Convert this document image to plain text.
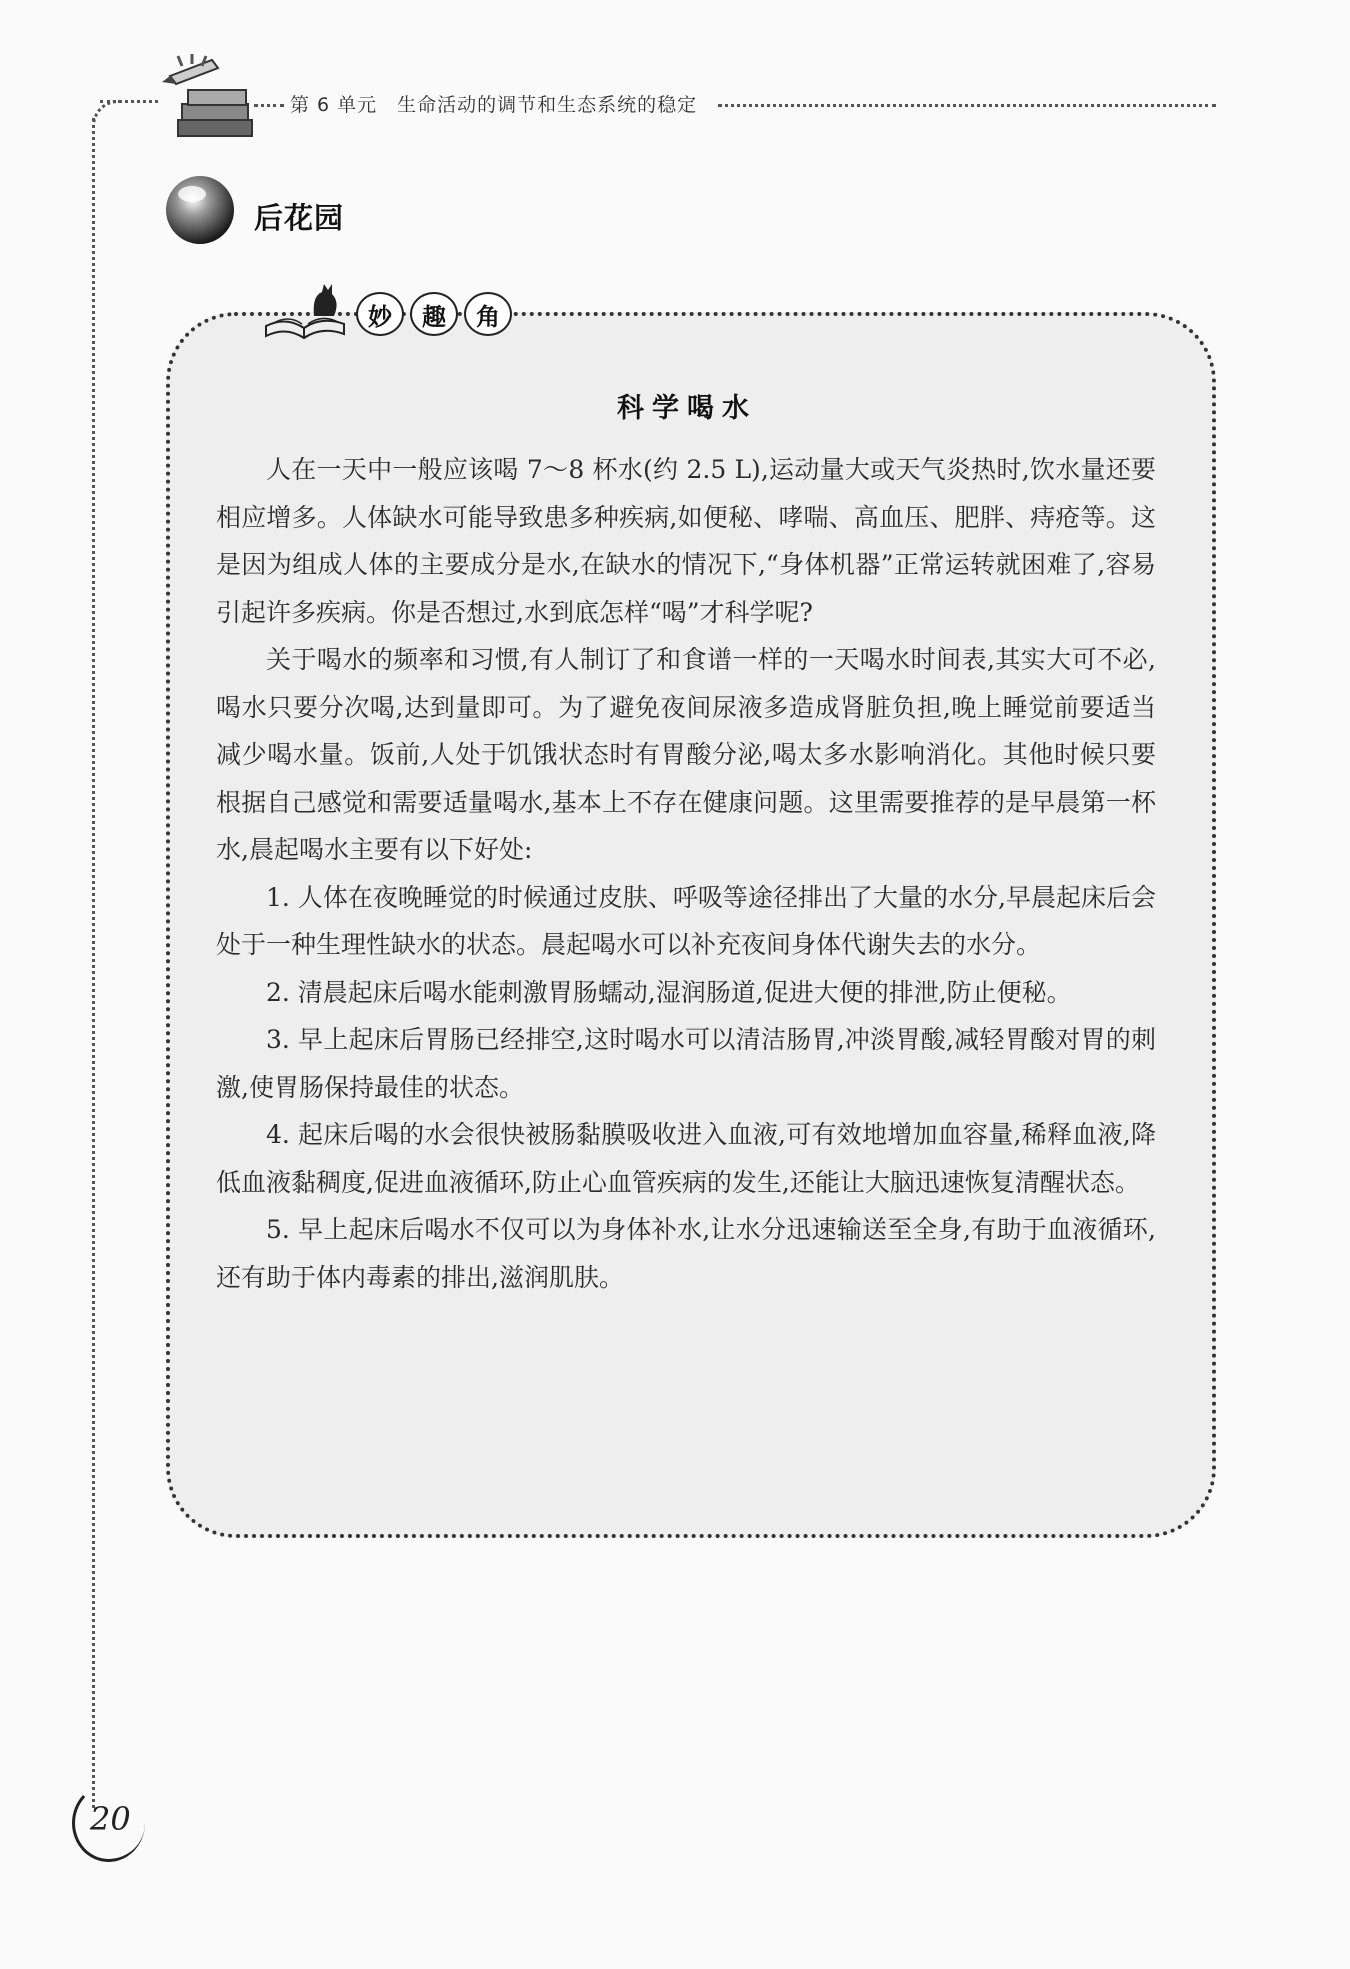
第 6 单元 生命活动的调节和生态系统的稳定
后花园
妙	趣	角
科学喝水

人在一天中一般应该喝 7～8 杯水(约 2.5 L),运动量大或天气炎热时,饮水量还要相应增多。人体缺水可能导致患多种疾病,如便秘、哮喘、高血压、肥胖、痔疮等。这是因为组成人体的主要成分是水,在缺水的情况下,“身体机器”正常运转就困难了,容易引起许多疾病。你是否想过,水到底怎样“喝”才科学呢?

关于喝水的频率和习惯,有人制订了和食谱一样的一天喝水时间表,其实大可不必,喝水只要分次喝,达到量即可。为了避免夜间尿液多造成肾脏负担,晚上睡觉前要适当减少喝水量。饭前,人处于饥饿状态时有胃酸分泌,喝太多水影响消化。其他时候只要根据自己感觉和需要适量喝水,基本上不存在健康问题。这里需要推荐的是早晨第一杯水,晨起喝水主要有以下好处:

1. 人体在夜晚睡觉的时候通过皮肤、呼吸等途径排出了大量的水分,早晨起床后会处于一种生理性缺水的状态。晨起喝水可以补充夜间身体代谢失去的水分。

2. 清晨起床后喝水能刺激胃肠蠕动,湿润肠道,促进大便的排泄,防止便秘。

3. 早上起床后胃肠已经排空,这时喝水可以清洁肠胃,冲淡胃酸,减轻胃酸对胃的刺激,使胃肠保持最佳的状态。

4. 起床后喝的水会很快被肠黏膜吸收进入血液,可有效地增加血容量,稀释血液,降低血液黏稠度,促进血液循环,防止心血管疾病的发生,还能让大脑迅速恢复清醒状态。

5. 早上起床后喝水不仅可以为身体补水,让水分迅速输送至全身,有助于血液循环,还有助于体内毒素的排出,滋润肌肤。

20
